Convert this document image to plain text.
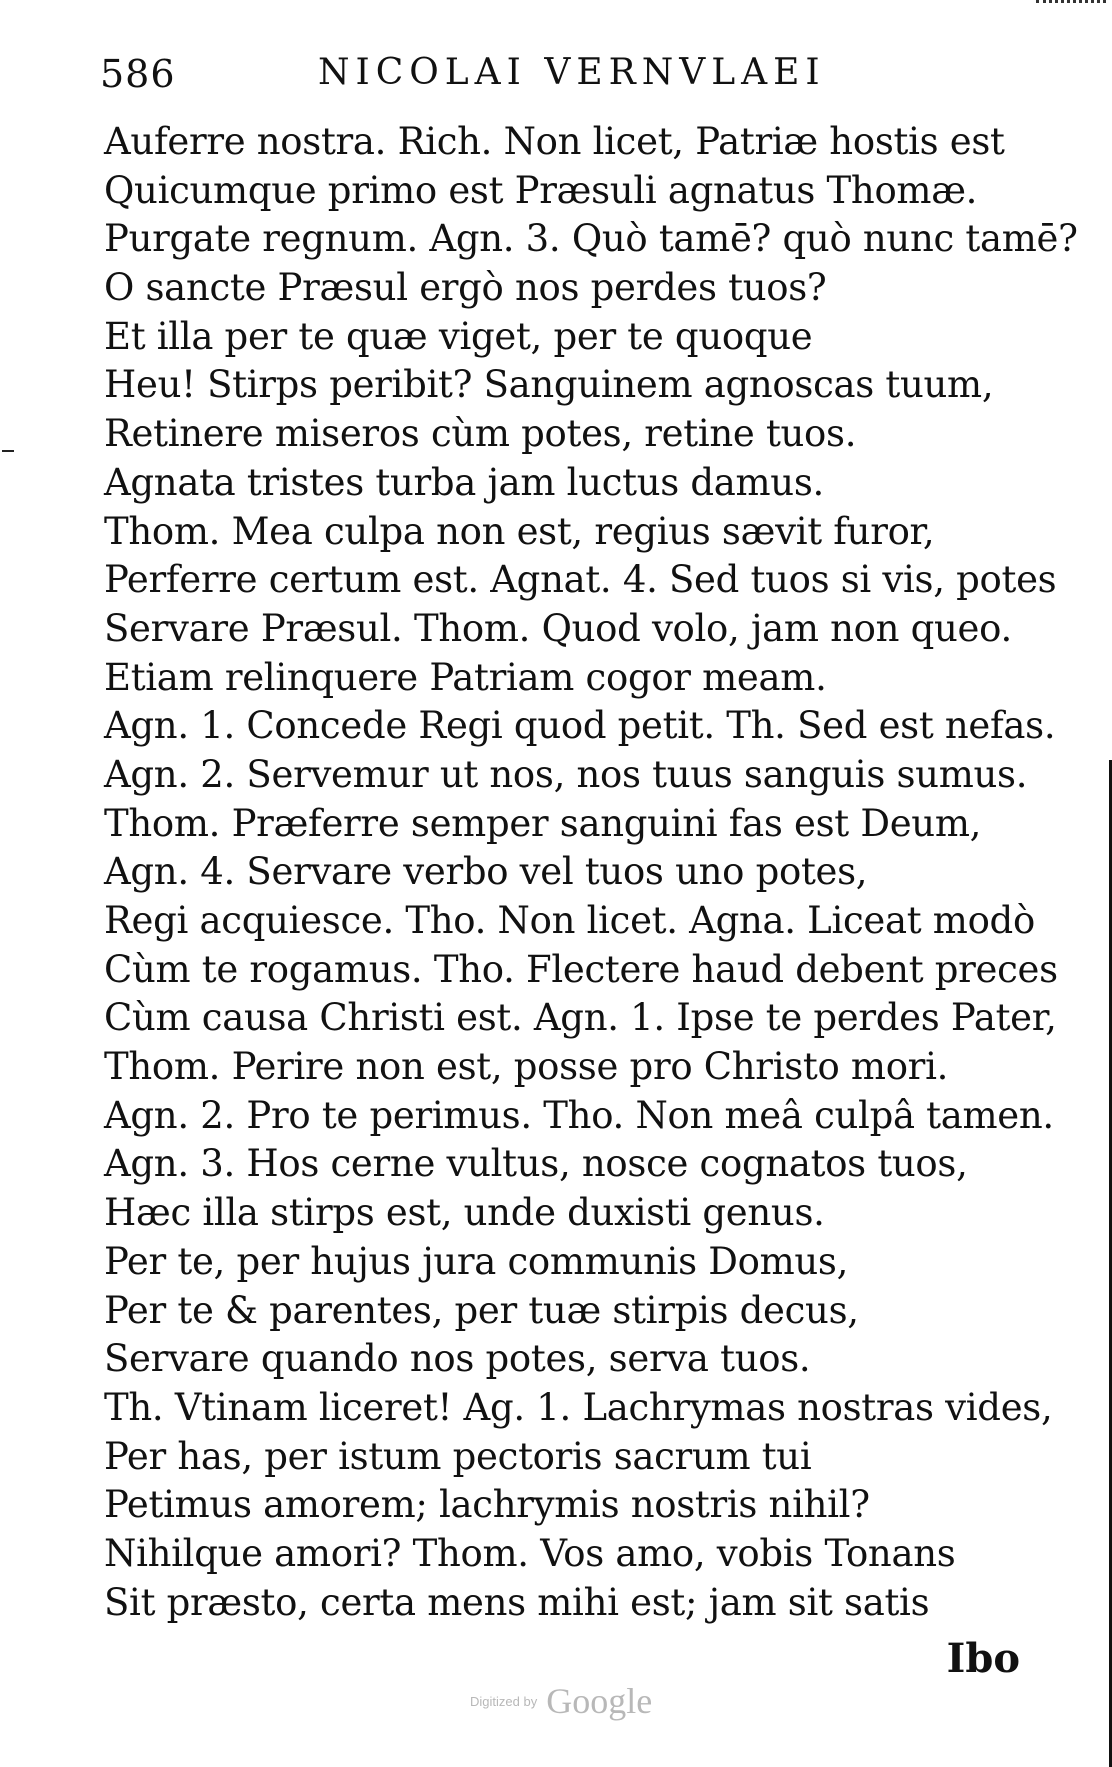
586	NICOLAI VERNVLAEI
Auferre nostra. Rich. Non licet, Patriæ hostis est
Quicumque primo est Præsuli agnatus Thomæ.
Purgate regnum. Agn. 3. Quò tamē? quò nunc tamē?
O sancte Præsul ergò nos perdes tuos?
Et illa per te quæ viget, per te quoque
Heu! Stirps peribit? Sanguinem agnoscas tuum,
Retinere miseros cùm potes, retine tuos.
Agnata tristes turba jam luctus damus.
Thom. Mea culpa non est, regius sævit furor,
Perferre certum est. Agnat. 4. Sed tuos si vis, potes
Servare Præsul. Thom. Quod volo, jam non queo.
Etiam relinquere Patriam cogor meam.
Agn. 1. Concede Regi quod petit. Th. Sed est nefas.
Agn. 2. Servemur ut nos, nos tuus sanguis sumus.
Thom. Præferre semper sanguini fas est Deum,
Agn. 4. Servare verbo vel tuos uno potes,
Regi acquiesce. Tho. Non licet. Agna. Liceat modò
Cùm te rogamus. Tho. Flectere haud debent preces
Cùm causa Christi est. Agn. 1. Ipse te perdes Pater,
Thom. Perire non est, posse pro Christo mori.
Agn. 2. Pro te perimus. Tho. Non meâ culpâ tamen.
Agn. 3. Hos cerne vultus, nosce cognatos tuos,
Hæc illa stirps est, unde duxisti genus.
Per te, per hujus jura communis Domus,
Per te & parentes, per tuæ stirpis decus,
Servare quando nos potes, serva tuos.
Th. Vtinam liceret! Ag. 1. Lachrymas nostras vides,
Per has, per istum pectoris sacrum tui
Petimus amorem; lachrymis nostris nihil?
Nihilque amori? Thom. Vos amo, vobis Tonans
Sit præsto, certa mens mihi est; jam sit satis
Ibo
Digitized by Google
